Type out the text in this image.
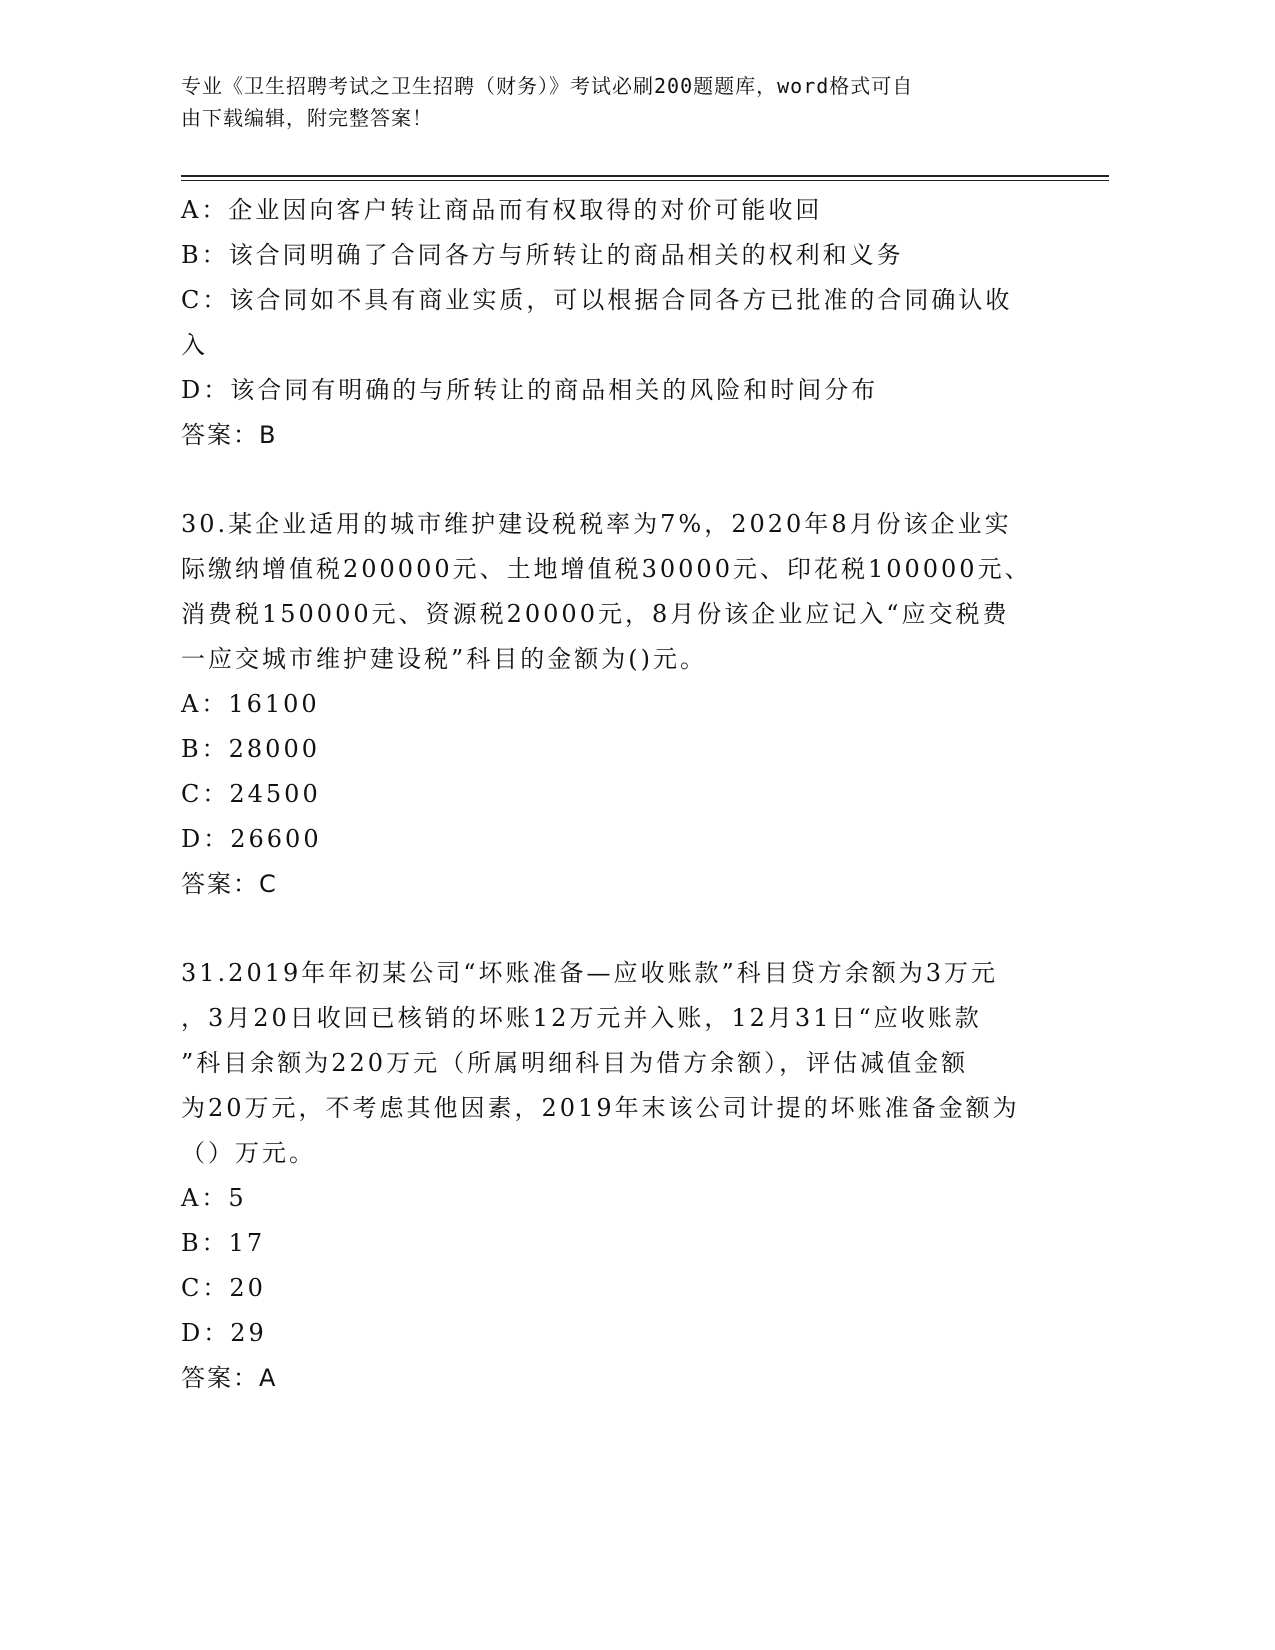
专业《卫生招聘考试之卫生招聘（财务）》考试必刷200题题库，word格式可自
由下载编辑，附完整答案！

A：企业因向客户转让商品而有权取得的对价可能收回

B：该合同明确了合同各方与所转让的商品相关的权利和义务

C：该合同如不具有商业实质，可以根据合同各方已批准的合同确认收

入

D：该合同有明确的与所转让的商品相关的风险和时间分布

答案：B

30.某企业适用的城市维护建设税税率为7%，2020年8月份该企业实

际缴纳增值税200000元、土地增值税30000元、印花税100000元、

消费税150000元、资源税20000元，8月份该企业应记入“应交税费

一应交城市维护建设税”科目的金额为()元。

A：16100

B：28000

C：24500

D：26600

答案：C

31.2019年年初某公司“坏账准备—应收账款”科目贷方余额为3万元

，3月20日收回已核销的坏账12万元并入账，12月31日“应收账款

”科目余额为220万元（所属明细科目为借方余额），评估减值金额

为20万元，不考虑其他因素，2019年末该公司计提的坏账准备金额为

（）万元。

A：5

B：17

C：20

D：29

答案：A
